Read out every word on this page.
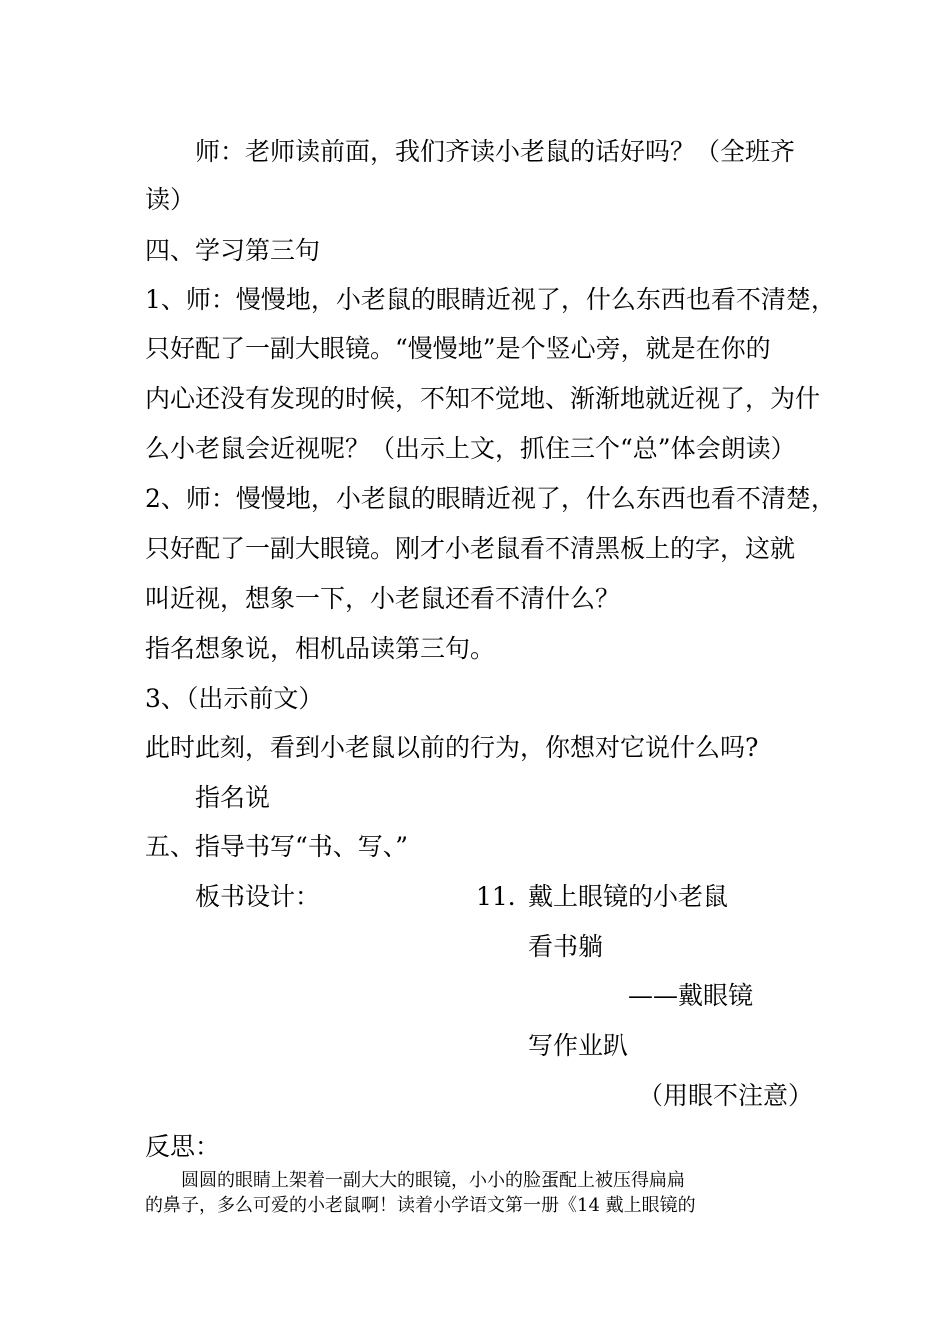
师：老师读前面，我们齐读小老鼠的话好吗？（全班齐
读）
四、学习第三句
1、师：慢慢地，小老鼠的眼睛近视了，什么东西也看不清楚，
只好配了一副大眼镜。“慢慢地”是个竖心旁，就是在你的
内心还没有发现的时候，不知不觉地、渐渐地就近视了，为什
么小老鼠会近视呢？（出示上文，抓住三个“总”体会朗读）
2、师：慢慢地，小老鼠的眼睛近视了，什么东西也看不清楚，
只好配了一副大眼镜。刚才小老鼠看不清黑板上的字，这就
叫近视，想象一下，小老鼠还看不清什么？
指名想象说，相机品读第三句。
3、（出示前文）
此时此刻，看到小老鼠以前的行为，你想对它说什么吗?
指名说
五、指导书写“书、写、”
板书设计：	11．
戴上眼镜的小老鼠
看书躺
——戴眼镜
写作业趴
（用眼不注意）
反思：
圆圆的眼睛上架着一副大大的眼镜，小小的脸蛋配上被压得扁扁
的鼻子，多么可爱的小老鼠啊！读着小学语文第一册《14 戴上眼镜的
